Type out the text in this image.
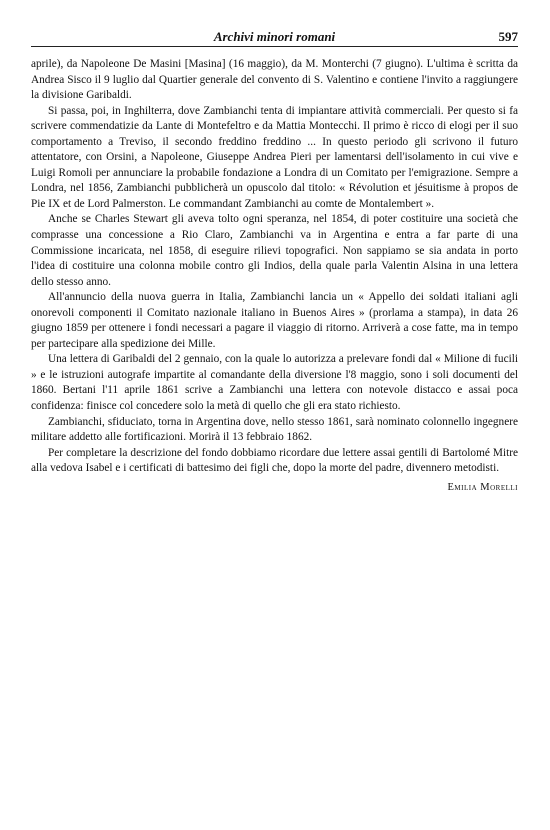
Archivi minori romani	597

aprile), da Napoleone De Masini [Masina] (16 maggio), da M. Monterchi (7 giugno). L'ultima è scritta da Andrea Sisco il 9 luglio dal Quartier generale del convento di S. Valentino e contiene l'invito a raggiungere la divisione Garibaldi.

Si passa, poi, in Inghilterra, dove Zambianchi tenta di impiantare attività commerciali. Per questo si fa scrivere commendatizie da Lante di Montefeltro e da Mattia Montecchi. Il primo è ricco di elogi per il suo comportamento a Treviso, il secondo freddino freddino ... In questo periodo gli scrivono il futuro attentatore, con Orsini, a Napoleone, Giuseppe Andrea Pieri per lamentarsi dell'isolamento in cui vive e Luigi Romoli per annunciare la probabile fondazione a Londra di un Comitato per l'emigrazione. Sempre a Londra, nel 1856, Zambianchi pubblicherà un opuscolo dal titolo: « Révolution et jésuitisme à propos de Pie IX et de Lord Palmerston. Le commandant Zambianchi au comte de Montalembert ».

Anche se Charles Stewart gli aveva tolto ogni speranza, nel 1854, di poter costituire una società che comprasse una concessione a Rio Claro, Zambianchi va in Argentina e entra a far parte di una Commissione incaricata, nel 1858, di eseguire rilievi topografici. Non sappiamo se sia andata in porto l'idea di costituire una colonna mobile contro gli Indios, della quale parla Valentin Alsina in una lettera dello stesso anno.

All'annuncio della nuova guerra in Italia, Zambianchi lancia un « Appello dei soldati italiani agli onorevoli componenti il Comitato nazionale italiano in Buenos Aires » (prorlama a stampa), in data 26 giugno 1859 per ottenere i fondi necessari a pagare il viaggio di ritorno. Arriverà a cose fatte, ma in tempo per partecipare alla spedizione dei Mille.

Una lettera di Garibaldi del 2 gennaio, con la quale lo autorizza a prelevare fondi dal « Milione di fucili » e le istruzioni autografe impartite al comandante della diversione l'8 maggio, sono i soli documenti del 1860. Bertani l'11 aprile 1861 scrive a Zambianchi una lettera con notevole distacco e assai poca confidenza: finisce col concedere solo la metà di quello che gli era stato richiesto.

Zambianchi, sfiduciato, torna in Argentina dove, nello stesso 1861, sarà nominato colonnello ingegnere militare addetto alle fortificazioni. Morirà il 13 febbraio 1862.

Per completare la descrizione del fondo dobbiamo ricordare due lettere assai gentili di Bartolomé Mitre alla vedova Isabel e i certificati di battesimo dei figli che, dopo la morte del padre, divennero metodisti.

Emilia Morelli
